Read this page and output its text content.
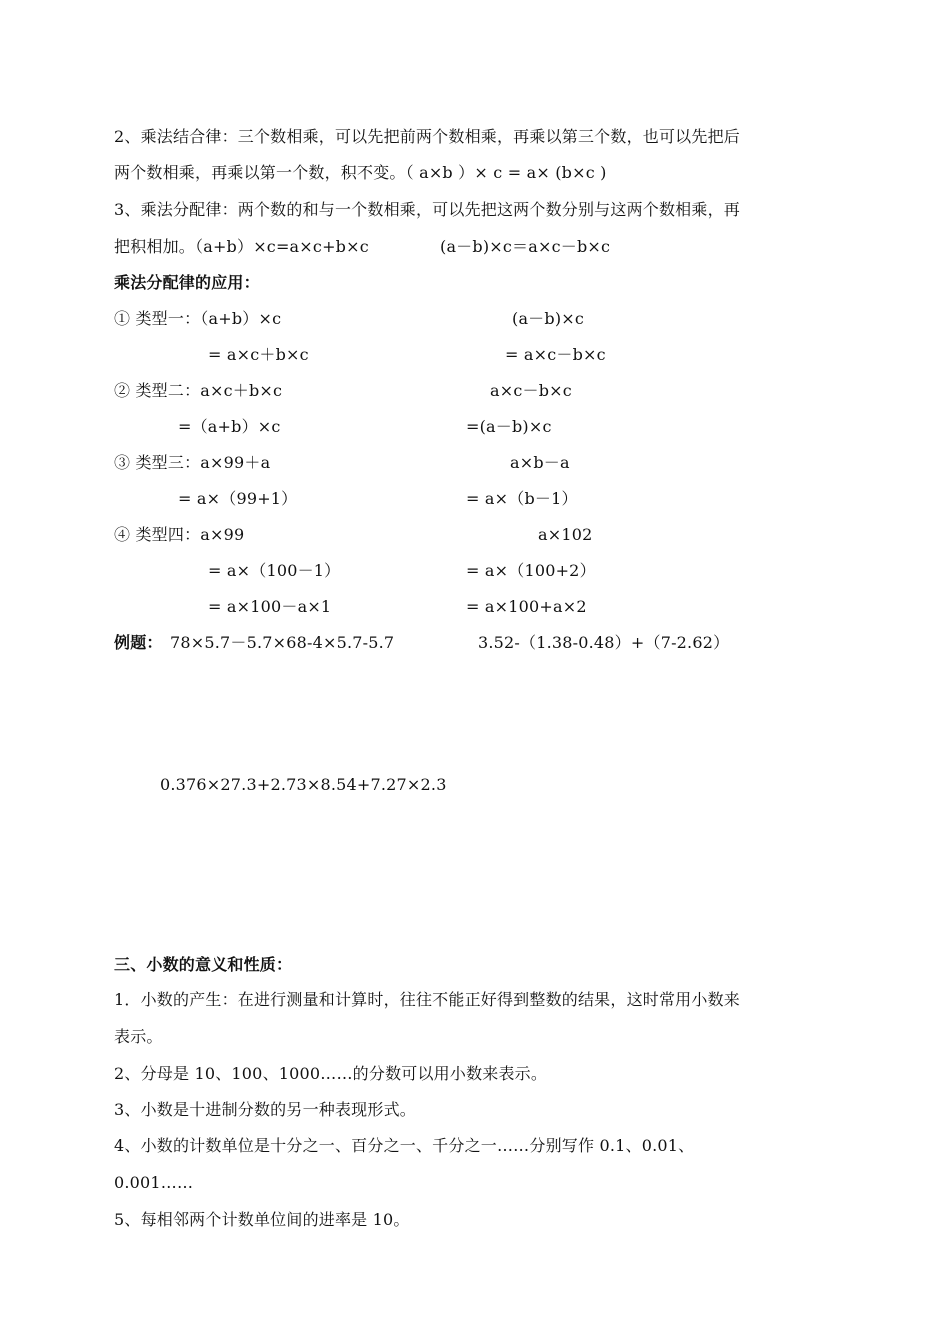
2、乘法结合律：三个数相乘，可以先把前两个数相乘，再乘以第三个数，也可以先把后
两个数相乘，再乘以第一个数，积不变。（ a×b ）× c = a× (b×c )
3、乘法分配律：两个数的和与一个数相乘，可以先把这两个数分别与这两个数相乘，再
把积相加。（a+b）×c=a×c+b×c	(a－b)×c＝a×c－b×c
乘法分配律的应用：
① 类型一：（a+b）×c	(a－b)×c
= a×c＋b×c	= a×c－b×c
② 类型二：a×c＋b×c	a×c－b×c
=（a+b）×c	=(a－b)×c
③ 类型三：a×99＋a	a×b－a
= a×（99+1）	= a×（b－1）
④ 类型四：a×99	a×102
= a×（100－1）	= a×（100+2）
= a×100－a×1	= a×100+a×2
例题： 78×5.7－5.7×68-4×5.7-5.7	3.52-（1.38-0.48）+（7-2.62）
0.376×27.3+2.73×8.54+7.27×2.3
三、小数的意义和性质：
1．小数的产生：在进行测量和计算时，往往不能正好得到整数的结果，这时常用小数来
表示。
2、分母是 10、100、1000……的分数可以用小数来表示。
3、小数是十进制分数的另一种表现形式。
4、小数的计数单位是十分之一、百分之一、千分之一……分别写作 0.1、0.01、
0.001……
5、每相邻两个计数单位间的进率是 10。
